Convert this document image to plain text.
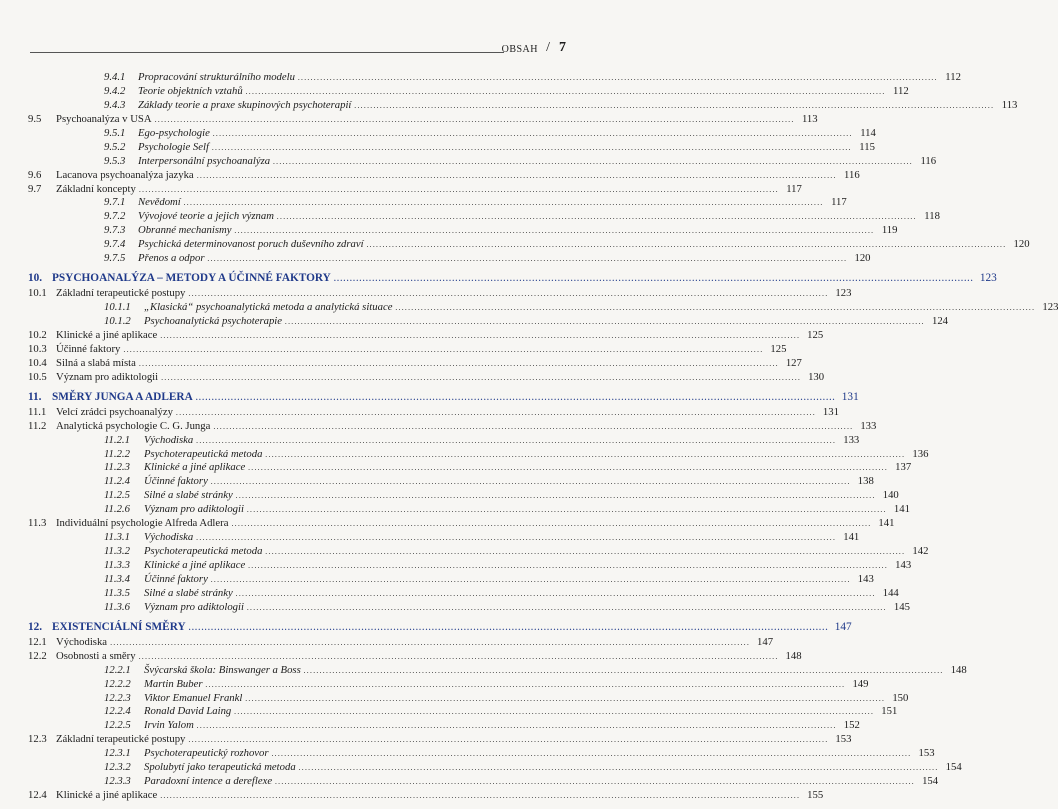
OBSAH / 7
9.4.1	Propracování strukturálního modelu ........................................................................................................................................................................................................ 112
9.4.2	Teorie objektních vztahů ........................................................................................................................................................................................................ 112
9.4.3	Základy teorie a praxe skupinových psychoterapií ........................................................................................................................................................................................................ 113
9.5	Psychoanalýza v USA ........................................................................................................................................................................................................ 113
9.5.1	Ego-psychologie ........................................................................................................................................................................................................ 114
9.5.2	Psychologie Self ........................................................................................................................................................................................................ 115
9.5.3	Interpersonální psychoanalýza ........................................................................................................................................................................................................ 116
9.6	Lacanova psychoanalýza jazyka ........................................................................................................................................................................................................ 116
9.7	Základní koncepty ........................................................................................................................................................................................................ 117
9.7.1	Nevědomí ........................................................................................................................................................................................................ 117
9.7.2	Vývojové teorie a jejich význam ........................................................................................................................................................................................................ 118
9.7.3	Obranné mechanismy ........................................................................................................................................................................................................ 119
9.7.4	Psychická determinovanost poruch duševního zdraví ........................................................................................................................................................................................................ 120
9.7.5	Přenos a odpor ........................................................................................................................................................................................................ 120
10. PSYCHOANALÝZA – METODY A ÚČINNÉ FAKTORY ........................................................................................................................................................................................................ 123
10.1 Základní terapeutické postupy ........................................................................................................................................................................................................ 123
10.1.1	„Klasická“ psychoanalytická metoda a analytická situace ........................................................................................................................................................................................................ 123
10.1.2	Psychoanalytická psychoterapie ........................................................................................................................................................................................................ 124
10.2 Klinické a jiné aplikace ........................................................................................................................................................................................................ 125
10.3 Účinné faktory ........................................................................................................................................................................................................ 125
10.4 Silná a slabá místa ........................................................................................................................................................................................................ 127
10.5 Význam pro adiktologii ........................................................................................................................................................................................................ 130
11. SMĚRY JUNGA A ADLERA ........................................................................................................................................................................................................ 131
11.1 Velcí zrádci psychoanalýzy ........................................................................................................................................................................................................ 131
11.2 Analytická psychologie C. G. Junga ........................................................................................................................................................................................................ 133
11.2.1	Východiska ........................................................................................................................................................................................................ 133
11.2.2	Psychoterapeutická metoda ........................................................................................................................................................................................................ 136
11.2.3	Klinické a jiné aplikace ........................................................................................................................................................................................................ 137
11.2.4	Účinné faktory ........................................................................................................................................................................................................ 138
11.2.5	Silné a slabé stránky ........................................................................................................................................................................................................ 140
11.2.6	Význam pro adiktologii ........................................................................................................................................................................................................ 141
11.3 Individuální psychologie Alfreda Adlera ........................................................................................................................................................................................................ 141
11.3.1	Východiska ........................................................................................................................................................................................................ 141
11.3.2	Psychoterapeutická metoda ........................................................................................................................................................................................................ 142
11.3.3	Klinické a jiné aplikace ........................................................................................................................................................................................................ 143
11.3.4	Účinné faktory ........................................................................................................................................................................................................ 143
11.3.5	Silné a slabé stránky ........................................................................................................................................................................................................ 144
11.3.6	Význam pro adiktologii ........................................................................................................................................................................................................ 145
12. EXISTENCIÁLNÍ SMĚRY ........................................................................................................................................................................................................ 147
12.1 Východiska ........................................................................................................................................................................................................ 147
12.2 Osobnosti a směry ........................................................................................................................................................................................................ 148
12.2.1	Švýcarská škola: Binswanger a Boss ........................................................................................................................................................................................................ 148
12.2.2	Martin Buber ........................................................................................................................................................................................................ 149
12.2.3	Viktor Emanuel Frankl ........................................................................................................................................................................................................ 150
12.2.4	Ronald David Laing ........................................................................................................................................................................................................ 151
12.2.5	Irvin Yalom ........................................................................................................................................................................................................ 152
12.3 Základní terapeutické postupy ........................................................................................................................................................................................................ 153
12.3.1	Psychoterapeutický rozhovor ........................................................................................................................................................................................................ 153
12.3.2	Spolubytí jako terapeutická metoda ........................................................................................................................................................................................................ 154
12.3.3	Paradoxní intence a dereflexe ........................................................................................................................................................................................................ 154
12.4 Klinické a jiné aplikace ........................................................................................................................................................................................................ 155
